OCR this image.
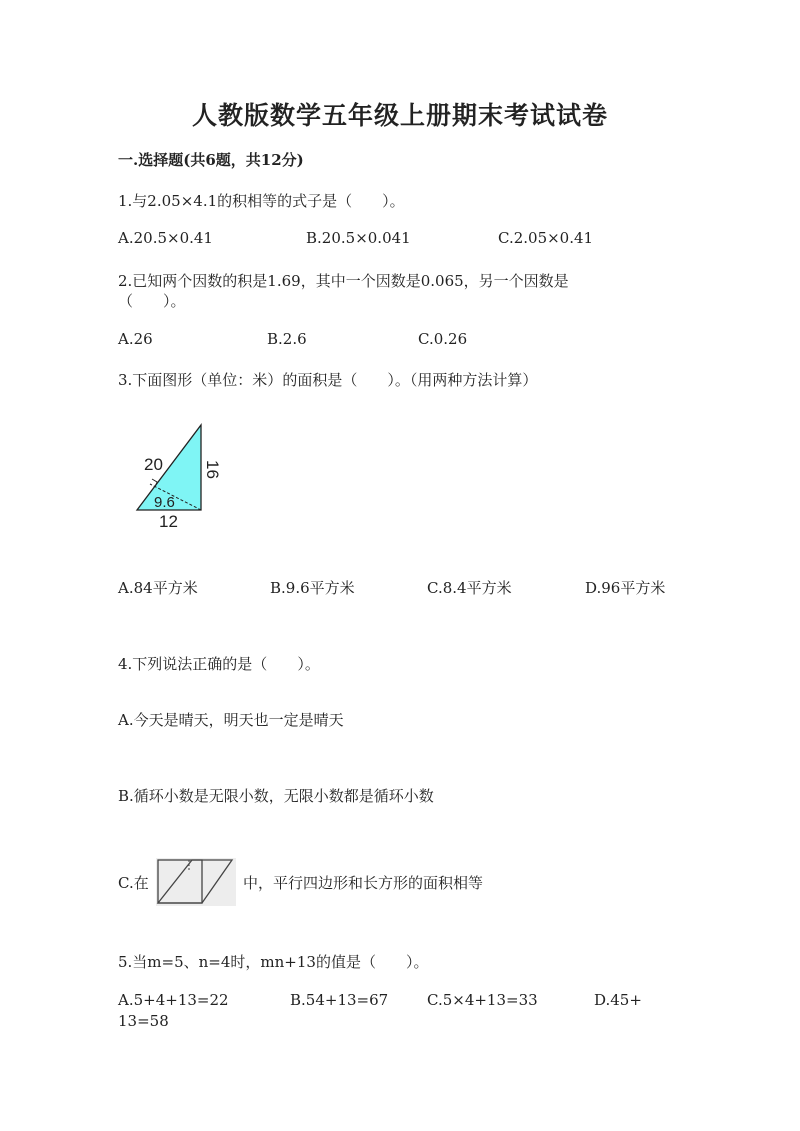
人教版数学五年级上册期末考试试卷
一.选择题(共6题，共12分)
1.与2.05×4.1的积相等的式子是（　　）。
A.20.5×0.41	B.20.5×0.041	C.2.05×0.41
2.已知两个因数的积是1.69，其中一个因数是0.065，另一个因数是
（　　）。
A.26	B.2.6	C.0.26
3.下面图形（单位：米）的面积是（　　）。（用两种方法计算）
20 16
9.6
12
A.84平方米	B.9.6平方米	C.8.4平方米	D.96平方米
4.下列说法正确的是（　　）。
A.今天是晴天，明天也一定是晴天
B.循环小数是无限小数，无限小数都是循环小数
C.在	中，平行四边形和长方形的面积相等
5.当m=5、n=4时，mn+13的值是（　　）。
A.5+4+13=22	B.54+13=67	C.5×4+13=33	D.45+
13=58
